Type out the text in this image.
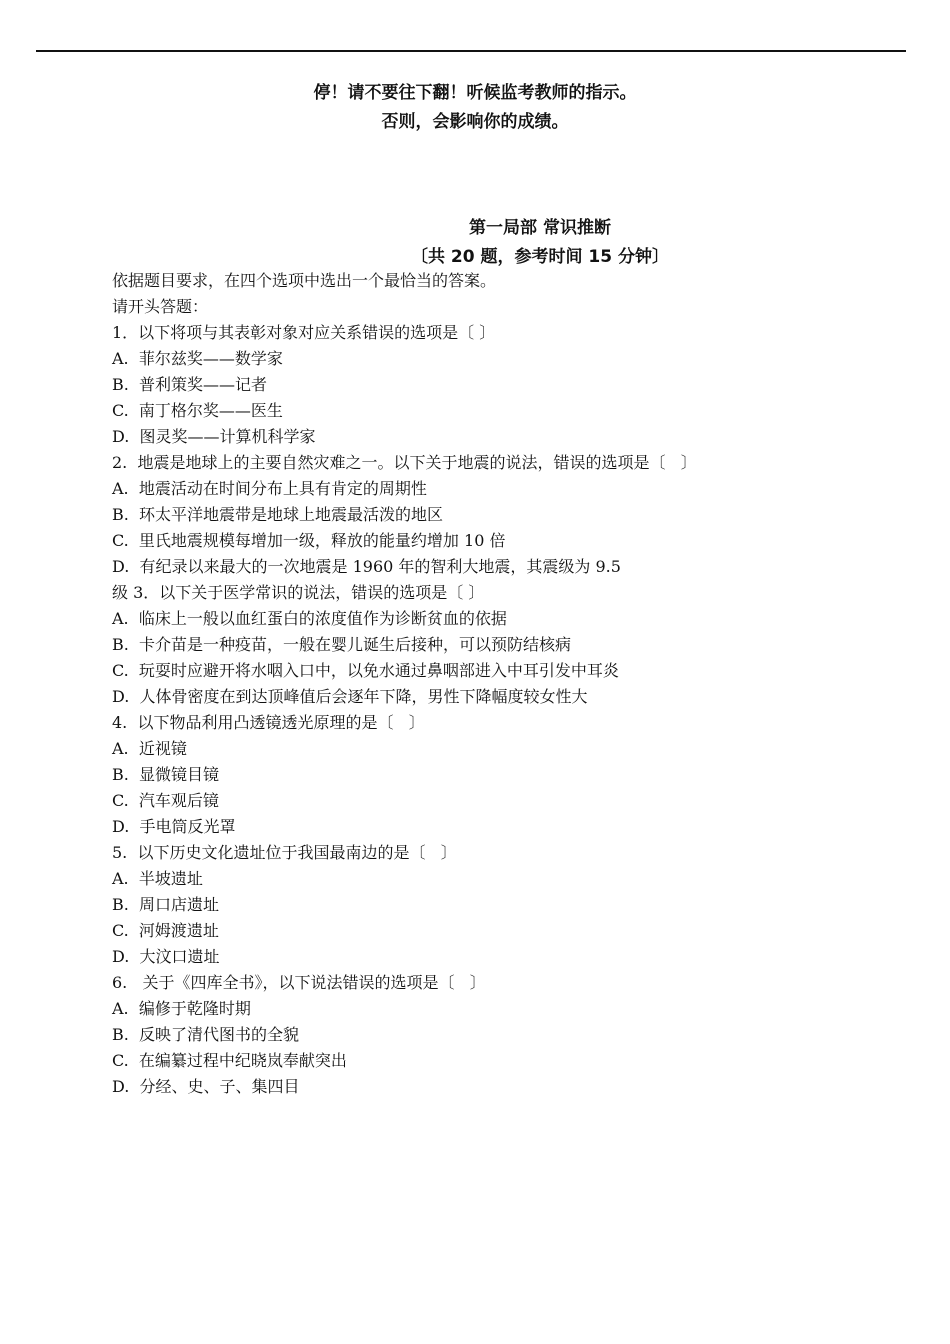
停！请不要往下翻！听候监考教师的指示。
否则，会影响你的成绩。
第一局部 常识推断
〔共 20 题，参考时间 15 分钟〕
依据题目要求，在四个选项中选出一个最恰当的答案。
请开头答题：
1．以下将项与其表彰对象对应关系错误的选项是〔 〕
A.  菲尔兹奖——数学家
B.  普利策奖——记者
C.  南丁格尔奖——医生
D.  图灵奖——计算机科学家
2.  地震是地球上的主要自然灾难之一。以下关于地震的说法，错误的选项是〔   〕
A.  地震活动在时间分布上具有肯定的周期性
B.  环太平洋地震带是地球上地震最活泼的地区
C.  里氏地震规模每增加一级，释放的能量约增加 10 倍
D.  有纪录以来最大的一次地震是 1960 年的智利大地震，其震级为 9.5
级 3．以下关于医学常识的说法，错误的选项是〔 〕
A.  临床上一般以血红蛋白的浓度值作为诊断贫血的依据
B.  卡介苗是一种疫苗，一般在婴儿诞生后接种，可以预防结核病
C.  玩耍时应避开将水咽入口中，以免水通过鼻咽部进入中耳引发中耳炎
D.  人体骨密度在到达顶峰值后会逐年下降，男性下降幅度较女性大
4.  以下物品利用凸透镜透光原理的是〔   〕
A.  近视镜
B.  显微镜目镜
C.  汽车观后镜
D.  手电筒反光罩
5.  以下历史文化遗址位于我国最南边的是〔   〕
A.  半坡遗址
B.  周口店遗址
C.  河姆渡遗址
D.  大汶口遗址
6.   关于《四库全书》，以下说法错误的选项是〔   〕
A.  编修于乾隆时期
B.  反映了清代图书的全貌
C.  在编纂过程中纪晓岚奉献突出
D.  分经、史、子、集四目
